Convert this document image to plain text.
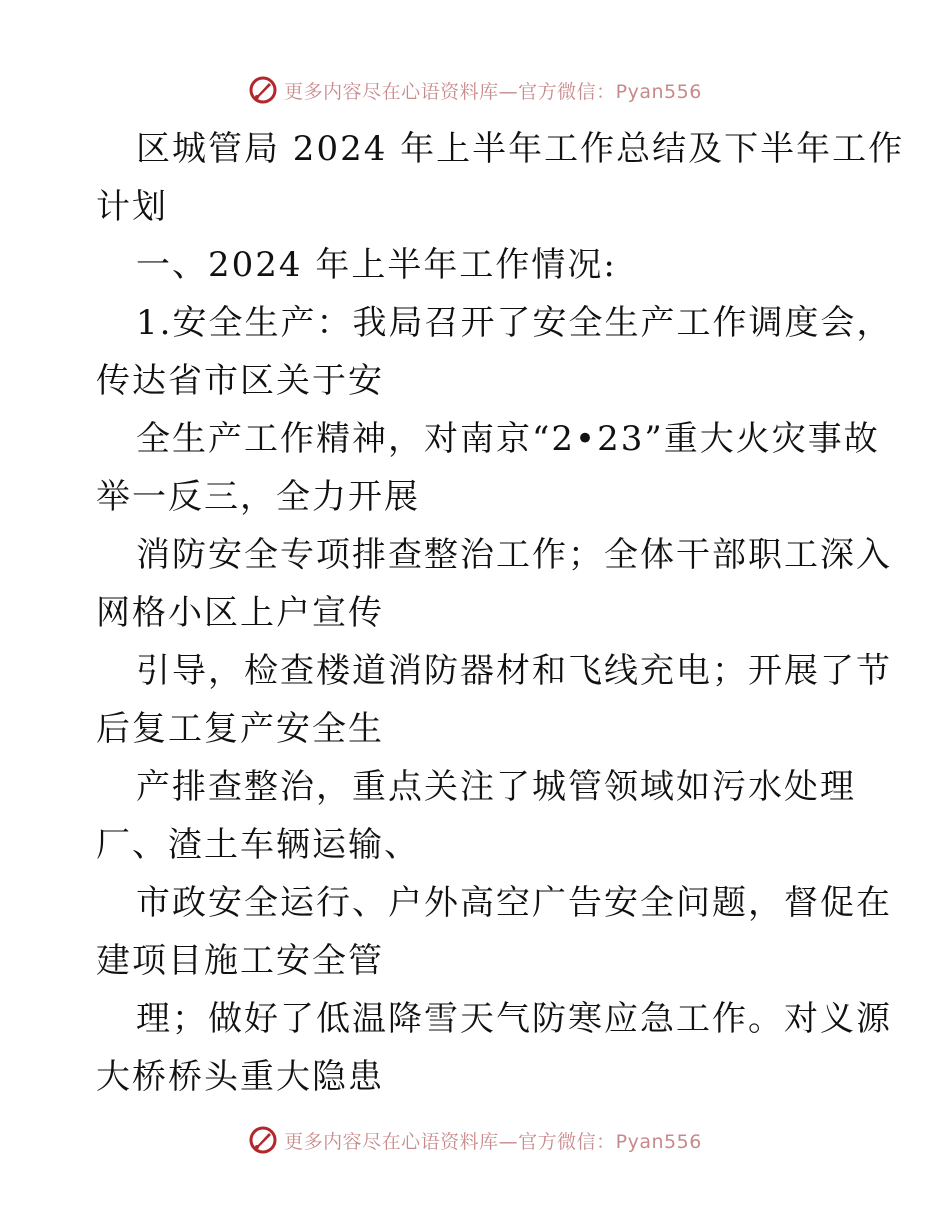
更多内容尽在心语资料库—官方微信：Pyan556
区城管局 2024 年上半年工作总结及下半年工作
计划
一、2024 年上半年工作情况:
1.安全生产：我局召开了安全生产工作调度会，
传达省市区关于安
全生产工作精神，对南京“2•23”重大火灾事故
举一反三，全力开展
消防安全专项排查整治工作；全体干部职工深入
网格小区上户宣传
引导，检查楼道消防器材和飞线充电；开展了节
后复工复产安全生
产排查整治，重点关注了城管领域如污水处理
厂、渣土车辆运输、
市政安全运行、户外高空广告安全问题，督促在
建项目施工安全管
理；做好了低温降雪天气防寒应急工作。对义源
大桥桥头重大隐患
更多内容尽在心语资料库—官方微信：Pyan556
